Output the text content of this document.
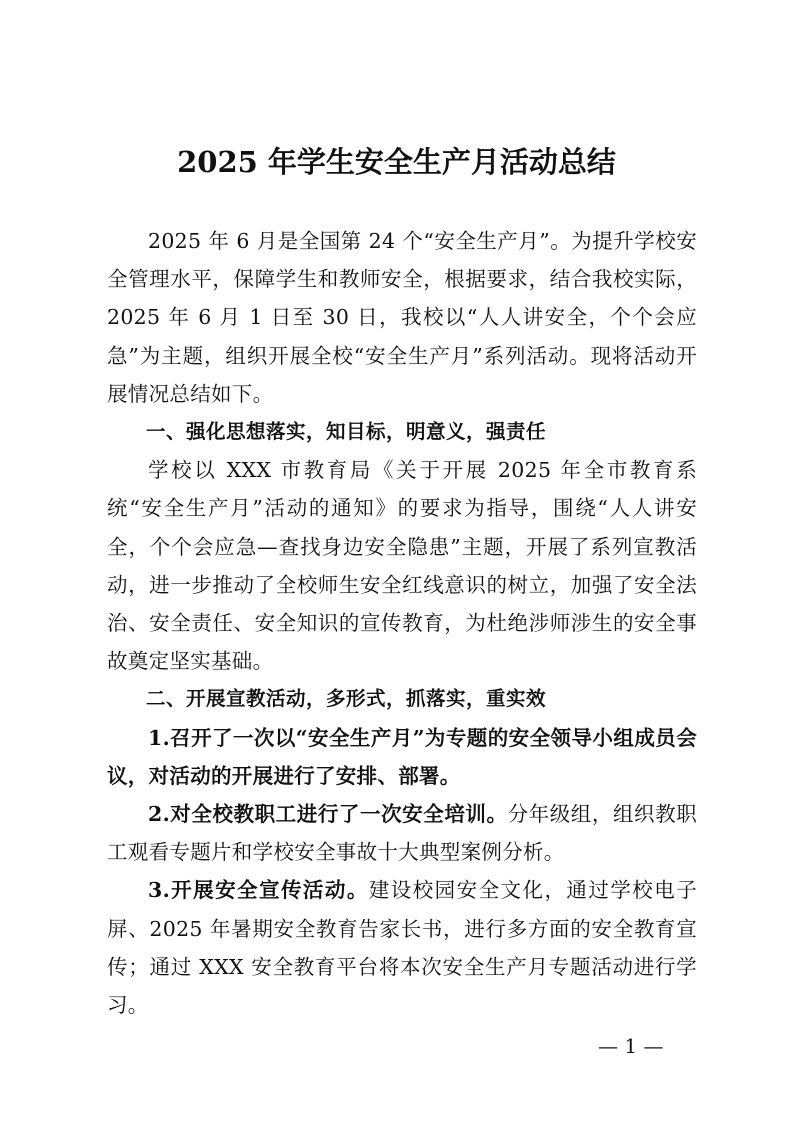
2025 年学生安全生产月活动总结

2025 年 6 月是全国第 24 个“安全生产月”。为提升学校安全管理水平，保障学生和教师安全，根据要求，结合我校实际，2025 年 6 月 1 日至 30 日，我校以“人人讲安全，个个会应急”为主题，组织开展全校“安全生产月”系列活动。现将活动开展情况总结如下。

一、强化思想落实，知目标，明意义，强责任

学校以 XXX 市教育局《关于开展 2025 年全市教育系统“安全生产月”活动的通知》的要求为指导，围绕“人人讲安全，个个会应急—查找身边安全隐患”主题，开展了系列宣教活动，进一步推动了全校师生安全红线意识的树立，加强了安全法治、安全责任、安全知识的宣传教育，为杜绝涉师涉生的安全事故奠定坚实基础。

二、开展宣教活动，多形式，抓落实，重实效

1.召开了一次以“安全生产月”为专题的安全领导小组成员会议，对活动的开展进行了安排、部署。

2.对全校教职工进行了一次安全培训。分年级组，组织教职工观看专题片和学校安全事故十大典型案例分析。

3.开展安全宣传活动。建设校园安全文化，通过学校电子屏、2025 年暑期安全教育告家长书，进行多方面的安全教育宣传；通过 XXX 安全教育平台将本次安全生产月专题活动进行学习。

— 1 —
